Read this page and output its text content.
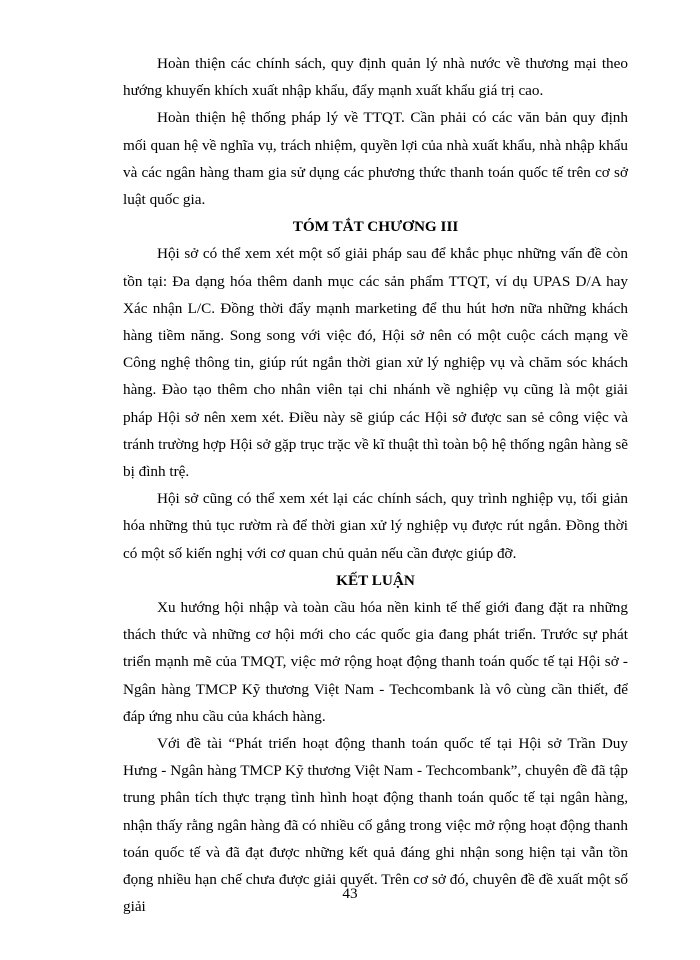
Hoàn thiện các chính sách, quy định quản lý nhà nước về thương mại theo hướng khuyến khích xuất nhập khẩu, đẩy mạnh xuất khẩu giá trị cao.

Hoàn thiện hệ thống pháp lý về TTQT. Cần phải có các văn bản quy định mối quan hệ về nghĩa vụ, trách nhiệm, quyền lợi của nhà xuất khẩu, nhà nhập khẩu và các ngân hàng tham gia sử dụng các phương thức thanh toán quốc tế trên cơ sở luật quốc gia.

TÓM TẮT CHƯƠNG III

Hội sở có thể xem xét một số giải pháp sau để khắc phục những vấn đề còn tồn tại: Đa dạng hóa thêm danh mục các sản phẩm TTQT, ví dụ UPAS D/A hay Xác nhận L/C. Đồng thời đẩy mạnh marketing để thu hút hơn nữa những khách hàng tiềm năng. Song song với việc đó, Hội sở nên có một cuộc cách mạng về Công nghệ thông tin, giúp rút ngắn thời gian xử lý nghiệp vụ và chăm sóc khách hàng. Đào tạo thêm cho nhân viên tại chi nhánh về nghiệp vụ cũng là một giải pháp Hội sở nên xem xét. Điều này sẽ giúp các Hội sở được san sẻ công việc và tránh trường hợp Hội sở gặp trục trặc về kĩ thuật thì toàn bộ hệ thống ngân hàng sẽ bị đình trệ.

Hội sở cũng có thể xem xét lại các chính sách, quy trình nghiệp vụ, tối giản hóa những thủ tục rườm rà để thời gian xử lý nghiệp vụ được rút ngắn. Đồng thời có một số kiến nghị với cơ quan chủ quản nếu cần được giúp đỡ.

KẾT LUẬN

Xu hướng hội nhập và toàn cầu hóa nền kinh tế thế giới đang đặt ra những thách thức và những cơ hội mới cho các quốc gia đang phát triển. Trước sự phát triển mạnh mẽ của TMQT, việc mở rộng hoạt động thanh toán quốc tế tại Hội sở - Ngân hàng TMCP Kỹ thương Việt Nam - Techcombank là vô cùng cần thiết, để đáp ứng nhu cầu của khách hàng.

Với đề tài “Phát triển hoạt động thanh toán quốc tế tại Hội sở Trần Duy Hưng - Ngân hàng TMCP Kỹ thương Việt Nam - Techcombank”, chuyên đề đã tập trung phân tích thực trạng tình hình hoạt động thanh toán quốc tế tại ngân hàng, nhận thấy rằng ngân hàng đã có nhiều cố gắng trong việc mở rộng hoạt động thanh toán quốc tế và đã đạt được những kết quả đáng ghi nhận song hiện tại vẫn tồn đọng nhiều hạn chế chưa được giải quyết. Trên cơ sở đó, chuyên đề đề xuất một số giải

43
